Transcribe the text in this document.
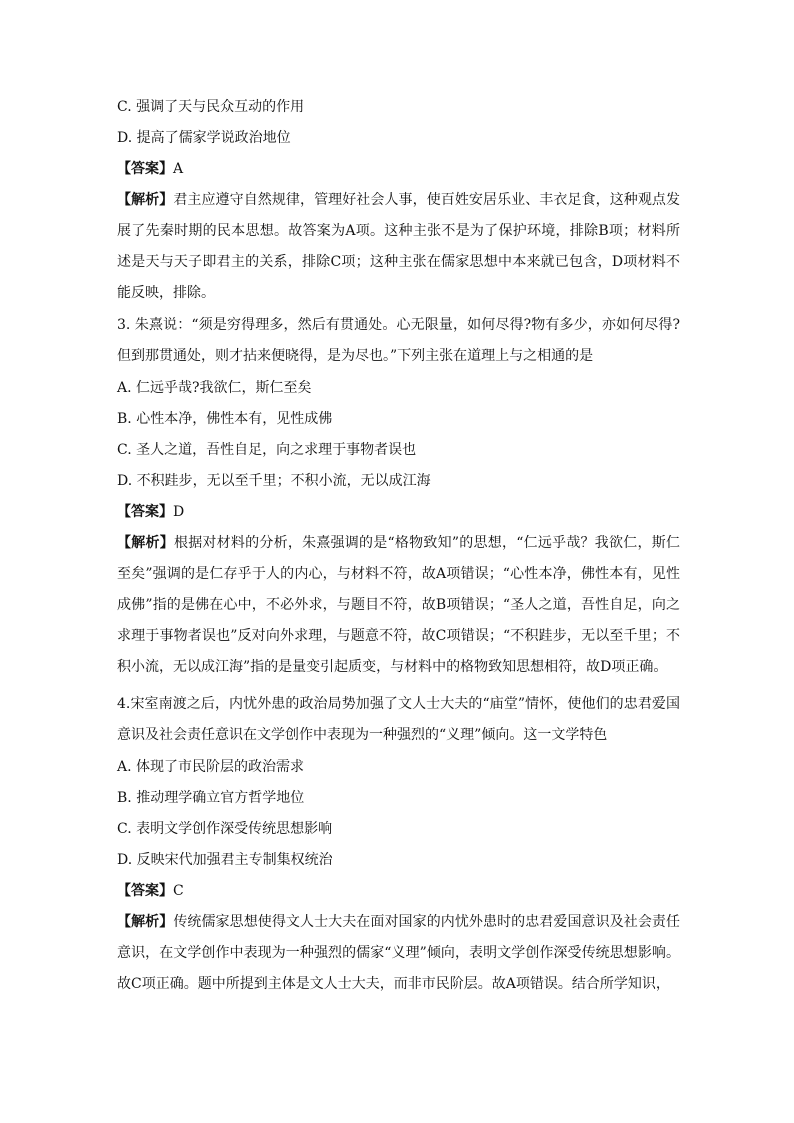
C. 强调了天与民众互动的作用
D. 提高了儒家学说政治地位
【答案】A
【解析】君主应遵守自然规律，管理好社会人事，使百姓安居乐业、丰衣足食，这种观点发展了先秦时期的民本思想。故答案为A项。这种主张不是为了保护环境，排除B项；材料所述是天与天子即君主的关系，排除C项；这种主张在儒家思想中本来就已包含，D项材料不能反映，排除。
3. 朱熹说：“须是穷得理多，然后有贯通处。心无限量，如何尽得?物有多少，亦如何尽得?但到那贯通处，则才拈来便晓得，是为尽也。”下列主张在道理上与之相通的是
A. 仁远乎哉?我欲仁，斯仁至矣
B. 心性本净，佛性本有，见性成佛
C. 圣人之道，吾性自足，向之求理于事物者误也
D. 不积跬步，无以至千里；不积小流，无以成江海
【答案】D
【解析】根据对材料的分析，朱熹强调的是“格物致知”的思想，“仁远乎哉？我欲仁，斯仁至矣”强调的是仁存乎于人的内心，与材料不符，故A项错误；“心性本净，佛性本有，见性成佛”指的是佛在心中，不必外求，与题目不符，故B项错误；“圣人之道，吾性自足，向之求理于事物者误也”反对向外求理，与题意不符，故C项错误；“不积跬步，无以至千里；不积小流，无以成江海”指的是量变引起质变，与材料中的格物致知思想相符，故D项正确。
4.宋室南渡之后，内忧外患的政治局势加强了文人士大夫的“庙堂”情怀，使他们的忠君爱国意识及社会责任意识在文学创作中表现为一种强烈的“义理”倾向。这一文学特色
A. 体现了市民阶层的政治需求
B. 推动理学确立官方哲学地位
C. 表明文学创作深受传统思想影响
D. 反映宋代加强君主专制集权统治
【答案】C
【解析】传统儒家思想使得文人士大夫在面对国家的内忧外患时的忠君爱国意识及社会责任意识，在文学创作中表现为一种强烈的儒家“义理”倾向，表明文学创作深受传统思想影响。故C项正确。题中所提到主体是文人士大夫，而非市民阶层。故A项错误。结合所学知识，
